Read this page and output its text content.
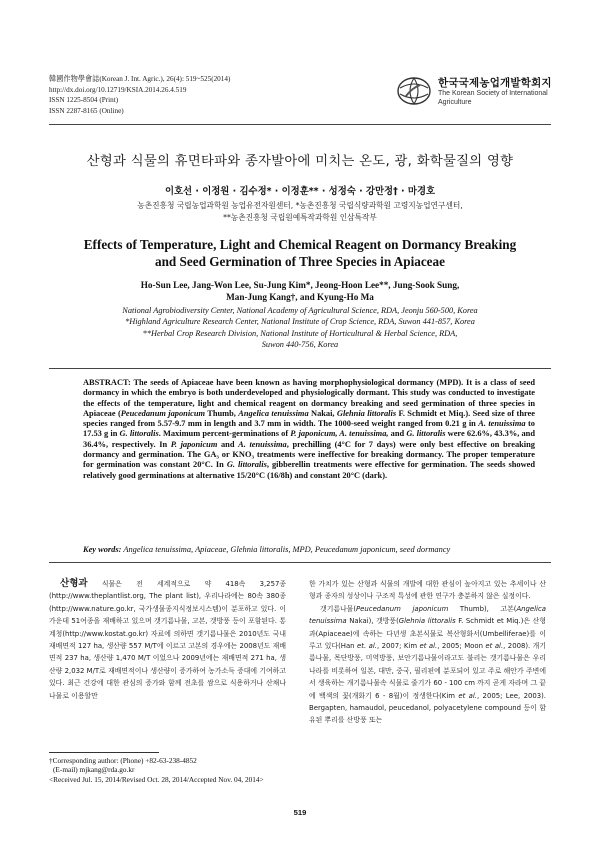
韓國作物學會誌(Korean J. Int. Agric.), 26(4): 519~525(2014)
http://dx.doi.org/10.12719/KSIA.2014.26.4.519
ISSN 1225-8504 (Print)
ISSN 2287-8165 (Online)
한국국제농업개발학회지
The Korean Society of International Agriculture
산형과 식물의 휴면타파와 종자발아에 미치는 온도, 광, 화학물질의 영향
이호선 · 이정원 · 김수정* · 이정훈** · 성정숙 · 강만정† · 마경호
농촌진흥청 국립농업과학원 농업유전자원센터, *농촌진흥청 국립식량과학원 고령지농업연구센터,
**농촌진흥청 국립원예특작과학원 인삼특작부
Effects of Temperature, Light and Chemical Reagent on Dormancy Breaking
and Seed Germination of Three Species in Apiaceae
Ho-Sun Lee, Jang-Won Lee, Su-Jung Kim*, Jeong-Hoon Lee**, Jung-Sook Sung,
Man-Jung Kang†, and Kyung-Ho Ma
National Agrobiodiversity Center, National Academy of Agricultural Science, RDA, Jeonju 560-500, Korea
*Highland Agriculture Research Center, National Institute of Crop Science, RDA, Suwon 441-857, Korea
**Herbal Crop Research Division, National Institute of Horticultural & Herbal Science, RDA,
Suwon 440-756, Korea
ABSTRACT: The seeds of Apiaceae have been known as having morphophysiological dormancy (MPD). It is a class of seed dormancy in which the embryo is both underdeveloped and physiologically dormant. This study was conducted to investigate the effects of the temperature, light and chemical reagent on dormancy breaking and seed germination of three species in Apiaceae (Peucedanum japonicum Thumb, Angelica tenuissima Nakai, Glehnia littoralis F. Schmidt et Miq.). Seed size of three species ranged from 5.57-9.7 mm in length and 3.7 mm in width. The 1000-seed weight ranged from 0.21 g in A. tenuissima to 17.53 g in G. littoralis. Maximum percent-germinations of P. japonicum, A. tenuissima, and G. littoralis were 62.6%, 43.3%, and 36.4%, respectively. In P. japonicum and A. tenuissima, prechilling (4°C for 7 days) were only best effective on breaking dormancy and germination. The GA₃ or KNO₃ treatments were ineffective for breaking dormancy. The proper temperature for germination was constant 20°C. In G. littoralis, gibberellin treatments were effective for germination. The seeds showed relatively good germinations at alternative 15/20°C (16/8h) and constant 20°C (dark).
Key words: Angelica tenuissima, Apiaceae, Glehnia littoralis, MPD, Peucedanum japonicum, seed dormancy

산형과 식물은 전 세계적으로 약 418속 3,257종(http://www.theplantlist.org, The plant list), 우리나라에는 80속 380종(http://www.nature.go.kr, 국가생물종지식정보시스템)이 분포하고 있다. 이 가운데 51여종을 재배하고 있으며 갯기름나물, 고본, 갯방풍 등이 포함된다. 통계청(http://www.kostat.go.kr) 자료에 의하면 갯기름나물은 2010년도 국내 재배면적 127 ha, 생산량 557 M/T에 이르고 고본의 경우에는 2008년도 재배면적 237 ha, 생산량 1,470 M/T 이었으나 2009년에는 재배면적 271 ha, 생산량 2,032 M/T로 재배면적이나 생산량이 증가하여 농가소득 증대에 기여하고 있다. 최근 건강에 대한 관심의 증가와 함께 전초를 쌈으로 식용하거나 산채나 나물로 이용할만

한 가치가 있는 산형과 식물의 개발에 대한 관심이 높아지고 있는 추세이나 산형과 종자의 성상이나 구조적 특성에 관한 연구가 충분하지 않은 실정이다.

갯기름나물(Peucedanum japonicum Thumb), 고본(Angelica tenuissima Nakai), 갯방풍(Glehnia littoralis F. Schmidt et Miq.)은 산형과(Apiaceae)에 속하는 다년생 초본식물로 복산형화서(Umbelliferae)를 이루고 있다(Han et. al., 2007; Kim et al., 2005; Moon et al., 2008). 개기름나물, 목단방풍, 미역방풍, 보안기름나물이라고도 불리는 갯기름나물은 우리나라를 비롯하여 일본, 대만, 중국, 필리핀에 분포되어 있고 주로 해안가 주변에서 생육하는 개기름나물속 식물로 줄기가 60 - 100 cm 까지 곧게 자라며 그 끝에 백색의 꽃(개화기 6 - 8월)이 정생한다(Kim et al., 2005; Lee, 2003). Bergapten, hamaudol, peucedanol, polyacetylene compound 등이 함유된 뿌리를 산방풍 또는

†Corresponding author: (Phone) +82-63-238-4852
(E-mail) mjkang@rda.go.kr
<Received Jul. 15, 2014/Revised Oct. 28, 2014/Accepted Nov. 04, 2014>
519
